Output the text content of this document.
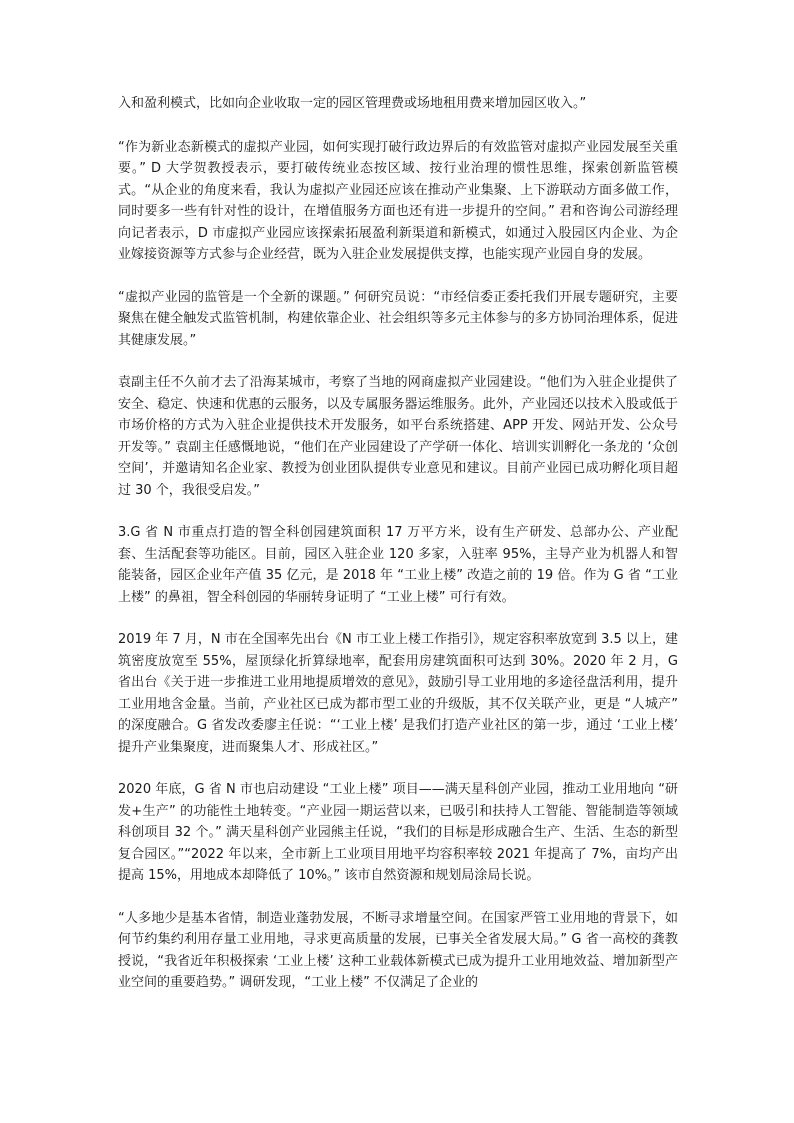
入和盈利模式，比如向企业收取一定的园区管理费或场地租用费来增加园区收入。”

“作为新业态新模式的虚拟产业园，如何实现打破行政边界后的有效监管对虚拟产业园发展至关重要。” D 大学贺教授表示，要打破传统业态按区域、按行业治理的惯性思维，探索创新监管模式。“从企业的角度来看，我认为虚拟产业园还应该在推动产业集聚、上下游联动方面多做工作，同时要多一些有针对性的设计，在增值服务方面也还有进一步提升的空间。” 君和咨询公司游经理向记者表示，D 市虚拟产业园应该探索拓展盈利新渠道和新模式，如通过入股园区内企业、为企业嫁接资源等方式参与企业经营，既为入驻企业发展提供支撑，也能实现产业园自身的发展。

“虚拟产业园的监管是一个全新的课题。” 何研究员说：“市经信委正委托我们开展专题研究，主要聚焦在健全触发式监管机制，构建依靠企业、社会组织等多元主体参与的多方协同治理体系，促进其健康发展。”

袁副主任不久前才去了沿海某城市，考察了当地的网商虚拟产业园建设。“他们为入驻企业提供了安全、稳定、快速和优惠的云服务，以及专属服务器运维服务。此外，产业园还以技术入股或低于市场价格的方式为入驻企业提供技术开发服务，如平台系统搭建、APP 开发、网站开发、公众号开发等。” 袁副主任感慨地说，“他们在产业园建设了产学研一体化、培训实训孵化一条龙的 ‘众创空间’，并邀请知名企业家、教授为创业团队提供专业意见和建议。目前产业园已成功孵化项目超过 30 个，我很受启发。”

3.G 省 N 市重点打造的智全科创园建筑面积 17 万平方米，设有生产研发、总部办公、产业配套、生活配套等功能区。目前，园区入驻企业 120 多家，入驻率 95%，主导产业为机器人和智能装备，园区企业年产值 35 亿元，是 2018 年 “工业上楼” 改造之前的 19 倍。作为 G 省 “工业上楼” 的鼻祖，智全科创园的华丽转身证明了 “工业上楼” 可行有效。

2019 年 7 月，N 市在全国率先出台《N 市工业上楼工作指引》，规定容积率放宽到 3.5 以上，建筑密度放宽至 55%，屋顶绿化折算绿地率，配套用房建筑面积可达到 30%。2020 年 2 月，G 省出台《关于进一步推进工业用地提质增效的意见》，鼓励引导工业用地的多途径盘活利用，提升工业用地含金量。当前，产业社区已成为都市型工业的升级版，其不仅关联产业，更是 “人城产” 的深度融合。G 省发改委廖主任说：“‘工业上楼’ 是我们打造产业社区的第一步，通过 ‘工业上楼’ 提升产业集聚度，进而聚集人才、形成社区。”

2020 年底，G 省 N 市也启动建设 “工业上楼” 项目——满天星科创产业园，推动工业用地向 “研发+生产” 的功能性土地转变。“产业园一期运营以来，已吸引和扶持人工智能、智能制造等领域科创项目 32 个。” 满天星科创产业园熊主任说，“我们的目标是形成融合生产、生活、生态的新型复合园区。”“2022 年以来，全市新上工业项目用地平均容积率较 2021 年提高了 7%，亩均产出提高 15%，用地成本却降低了 10%。” 该市自然资源和规划局涂局长说。

“人多地少是基本省情，制造业蓬勃发展，不断寻求增量空间。在国家严管工业用地的背景下，如何节约集约利用存量工业用地，寻求更高质量的发展，已事关全省发展大局。” G 省一高校的龚教授说，“我省近年积极探索 ‘工业上楼’ 这种工业载体新模式已成为提升工业用地效益、增加新型产业空间的重要趋势。” 调研发现，“工业上楼” 不仅满足了企业的
